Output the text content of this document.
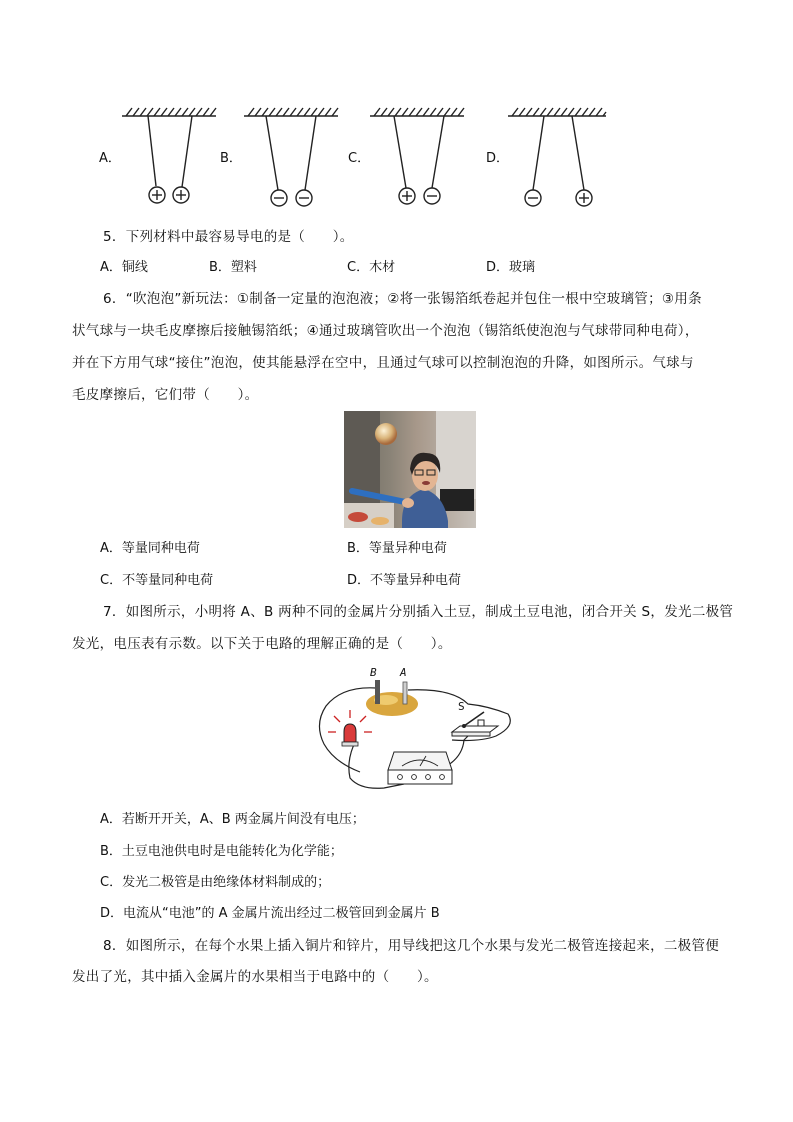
A．	B．	C．	D．
5．下列材料中最容易导电的是（　　）。
A．铜线	B．塑料	C．木材	D．玻璃
6．“吹泡泡”新玩法：①制备一定量的泡泡液；②将一张锡箔纸卷起并包住一根中空玻璃管；③用条
状气球与一块毛皮摩擦后接触锡箔纸；④通过玻璃管吹出一个泡泡（锡箔纸使泡泡与气球带同种电荷），
并在下方用气球“接住”泡泡，使其能悬浮在空中，且通过气球可以控制泡泡的升降，如图所示。气球与
毛皮摩擦后，它们带（　　）。
A．等量同种电荷	B．等量异种电荷
C．不等量同种电荷	D．不等量异种电荷
7．如图所示，小明将 A、B 两种不同的金属片分别插入土豆，制成土豆电池，闭合开关 S，发光二极管
发光，电压表有示数。以下关于电路的理解正确的是（　　）。
B A
S
A．若断开开关，A、B 两金属片间没有电压；
B．土豆电池供电时是电能转化为化学能；
C．发光二极管是由绝缘体材料制成的；
D．电流从“电池”的 A 金属片流出经过二极管回到金属片 B
8．如图所示，在每个水果上插入铜片和锌片，用导线把这几个水果与发光二极管连接起来，二极管便
发出了光，其中插入金属片的水果相当于电路中的（　　）。
